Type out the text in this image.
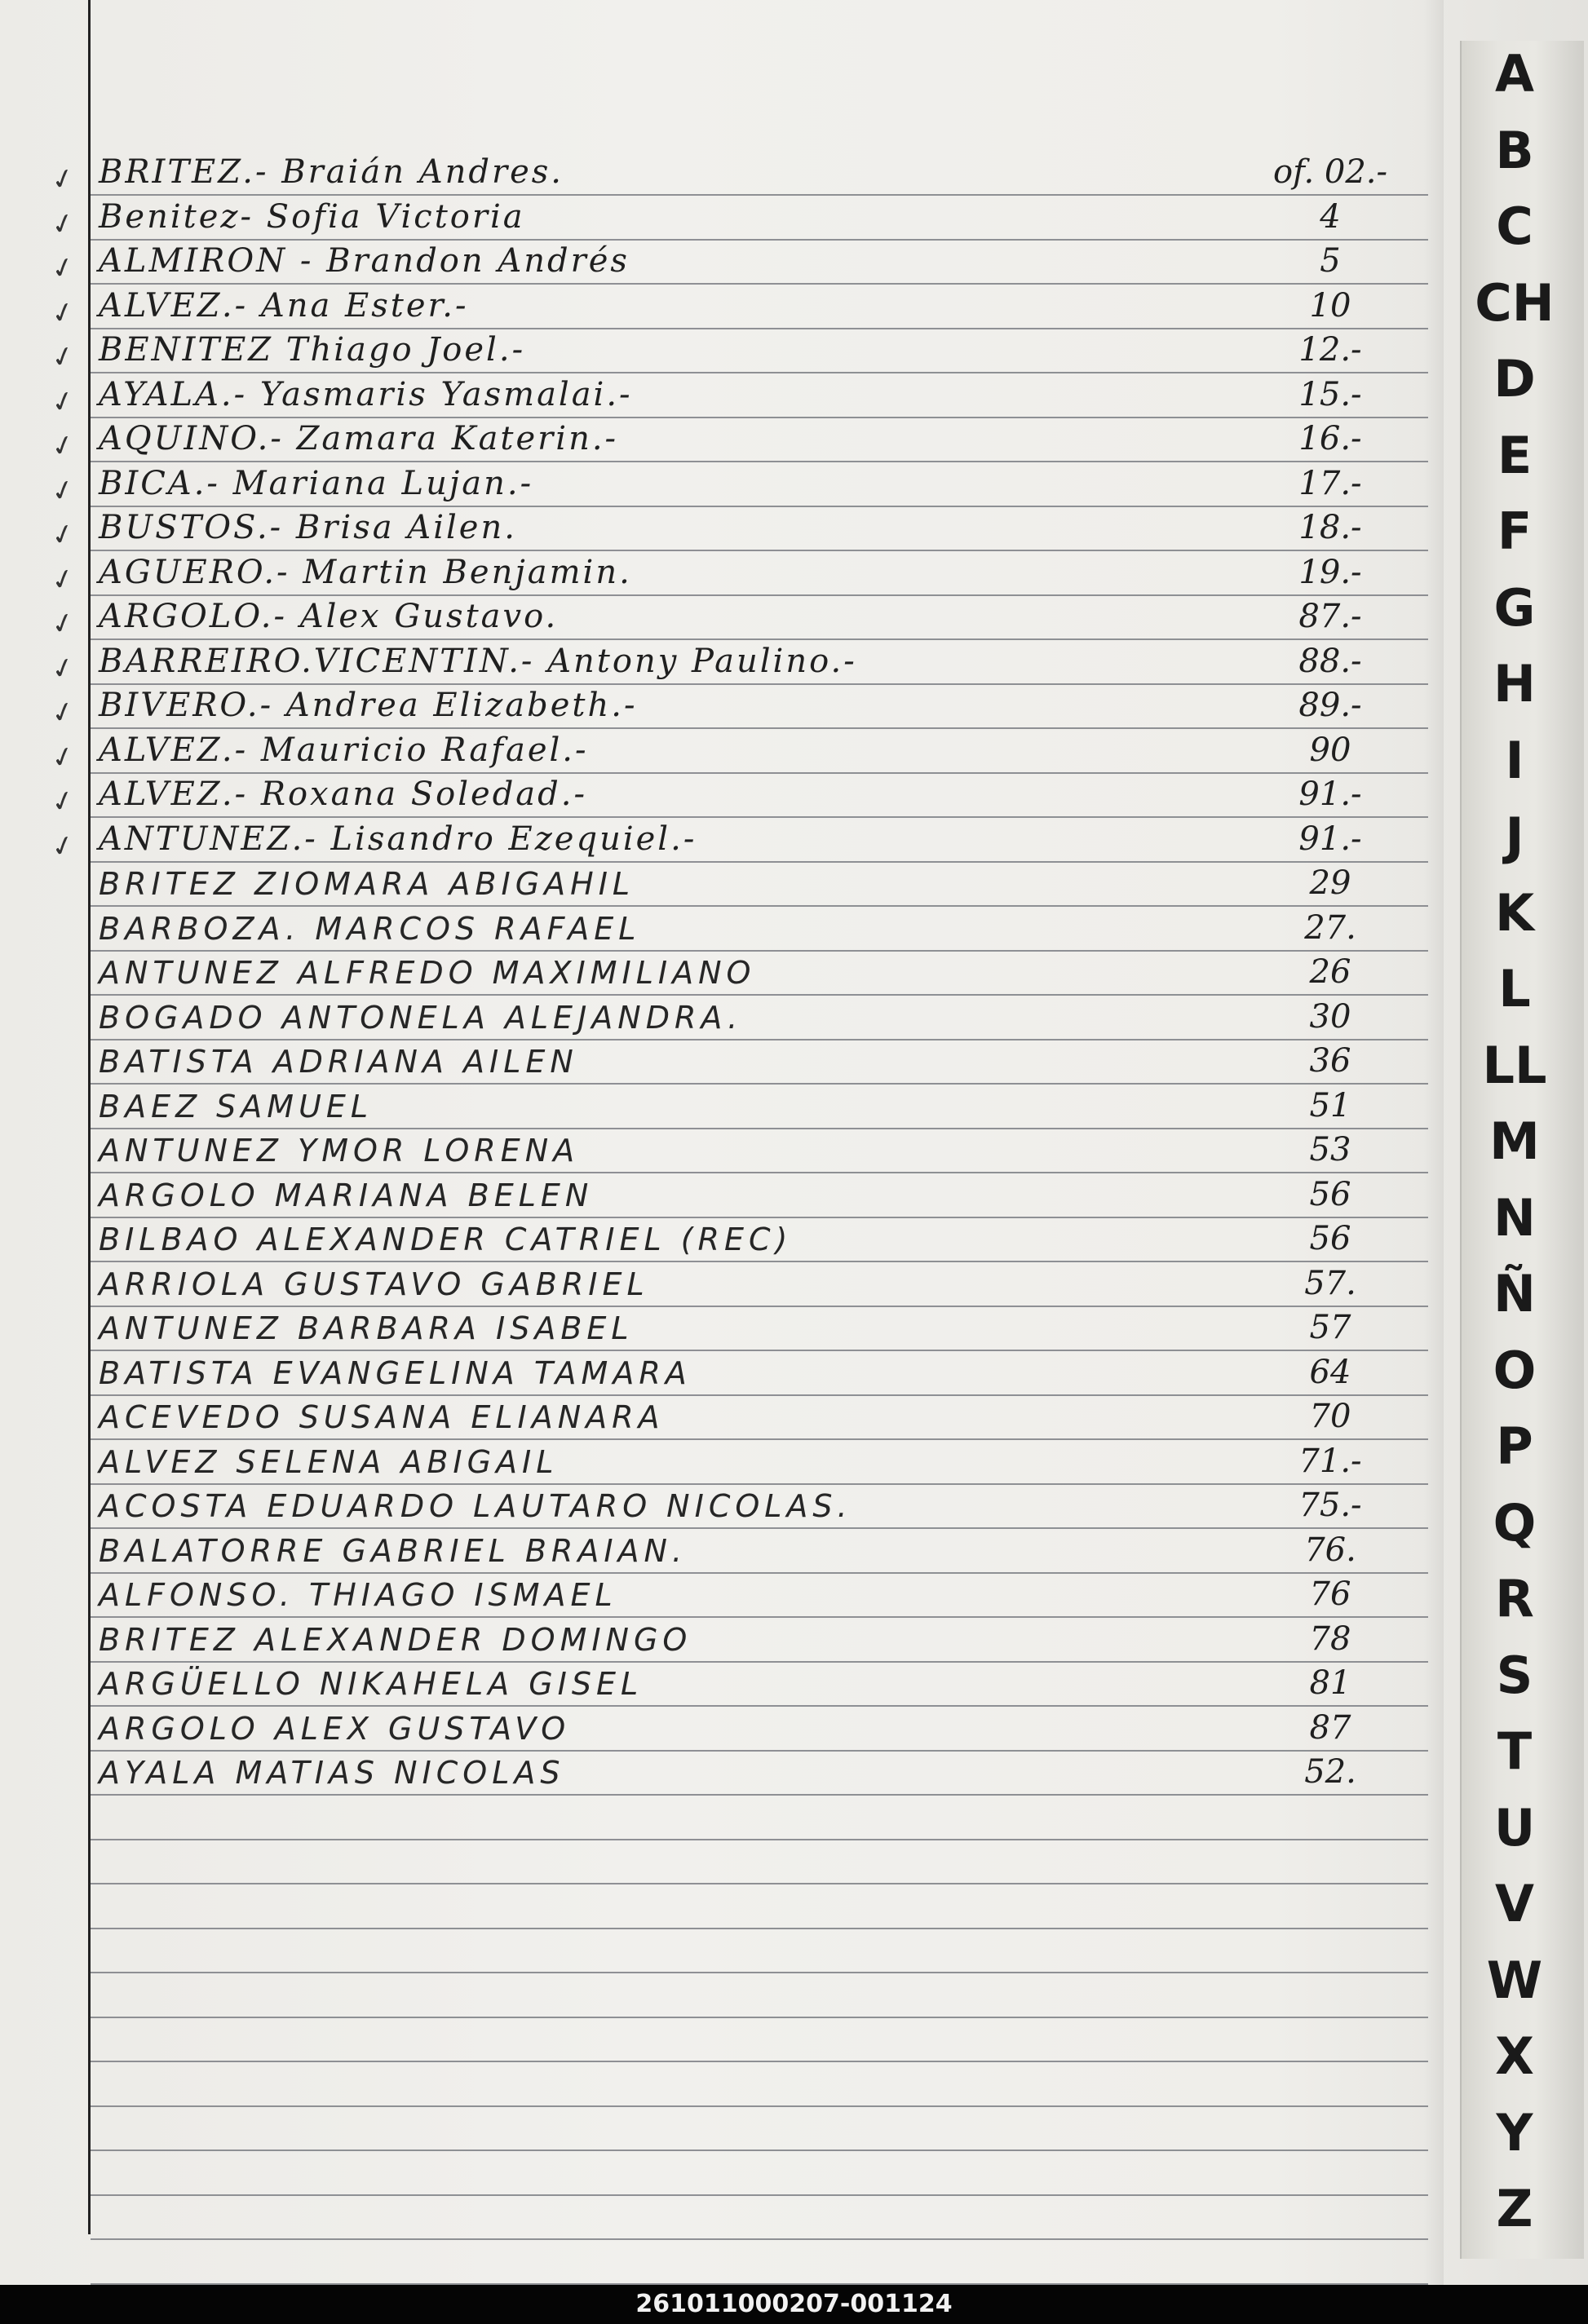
✓ BRITEZ.- Braián Andres.	of. 02.-
✓ Benitez- Sofia Victoria	4
✓ ALMIRON - Brandon Andrés	5
✓ ALVEZ.- Ana Ester.-	10
✓ BENITEZ Thiago Joel.-	12.-
✓ AYALA.- Yasmaris Yasmalai.-	15.-
✓ AQUINO.- Zamara Katerin.-	16.-
✓ BICA.- Mariana Lujan.-	17.-
✓ BUSTOS.- Brisa Ailen.	18.-
✓ AGUERO.- Martin Benjamin.	19.-
✓ ARGOLO.- Alex Gustavo.	87.-
✓ BARREIRO.VICENTIN.- Antony Paulino.-	88.-
✓ BIVERO.- Andrea Elizabeth.-	89.-
✓ ALVEZ.- Mauricio Rafael.-	90
✓ ALVEZ.- Roxana Soledad.-	91.-
✓ ANTUNEZ.- Lisandro Ezequiel.-	91.-
BRITEZ ZIOMARA ABIGAHIL	29
BARBOZA. MARCOS RAFAEL	27.
ANTUNEZ ALFREDO MAXIMILIANO	26
BOGADO ANTONELA ALEJANDRA.	30
BATISTA ADRIANA AILEN	36
BAEZ SAMUEL	51
ANTUNEZ YMOR LORENA	53
ARGOLO MARIANA BELEN	56
BILBAO ALEXANDER CATRIEL (REC)	56
ARRIOLA GUSTAVO GABRIEL	57.
ANTUNEZ BARBARA ISABEL	57
BATISTA EVANGELINA TAMARA	64
ACEVEDO SUSANA ELIANARA	70
ALVEZ SELENA ABIGAIL	71.-
ACOSTA EDUARDO LAUTARO NICOLAS.	75.-
BALATORRE GABRIEL BRAIAN.	76.
ALFONSO. THIAGO ISMAEL	76
BRITEZ ALEXANDER DOMINGO	78
ARGÜELLO NIKAHELA GISEL	81
ARGOLO ALEX GUSTAVO	87
AYALA MATIAS NICOLAS	52.
A
B
C
CH
D
E
F
G
H
I
J
K
L
LL
M
N
Ñ
O
P
Q
R
S
T
U
V
W
X
Y
Z
261011000207-001124
